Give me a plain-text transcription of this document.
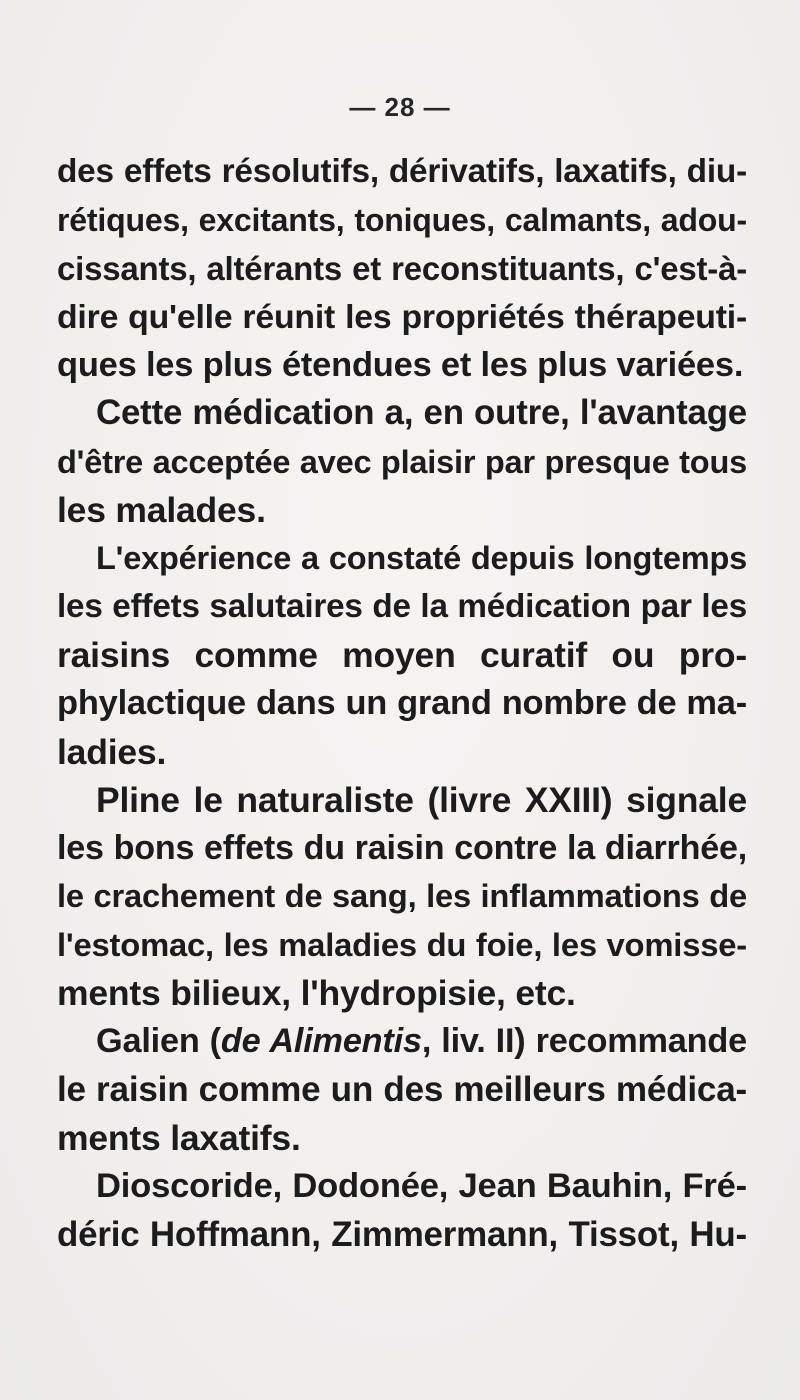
— 28 —
des effets résolutifs, dérivatifs, laxatifs, diu-
rétiques, excitants, toniques, calmants, adou-
cissants, altérants et reconstituants, c'est-à-
dire qu'elle réunit les propriétés thérapeuti-
ques les plus étendues et les plus variées.
Cette médication a, en outre, l'avantage
d'être acceptée avec plaisir par presque tous
les malades.
L'expérience a constaté depuis longtemps
les effets salutaires de la médication par les
raisins comme moyen curatif ou pro-
phylactique dans un grand nombre de ma-
ladies.
Pline le naturaliste (livre XXIII) signale
les bons effets du raisin contre la diarrhée,
le crachement de sang, les inflammations de
l'estomac, les maladies du foie, les vomisse-
ments bilieux, l'hydropisie, etc.
Galien (de Alimentis, liv. II) recommande
le raisin comme un des meilleurs médica-
ments laxatifs.
Dioscoride, Dodonée, Jean Bauhin, Fré-
déric Hoffmann, Zimmermann, Tissot, Hu-
